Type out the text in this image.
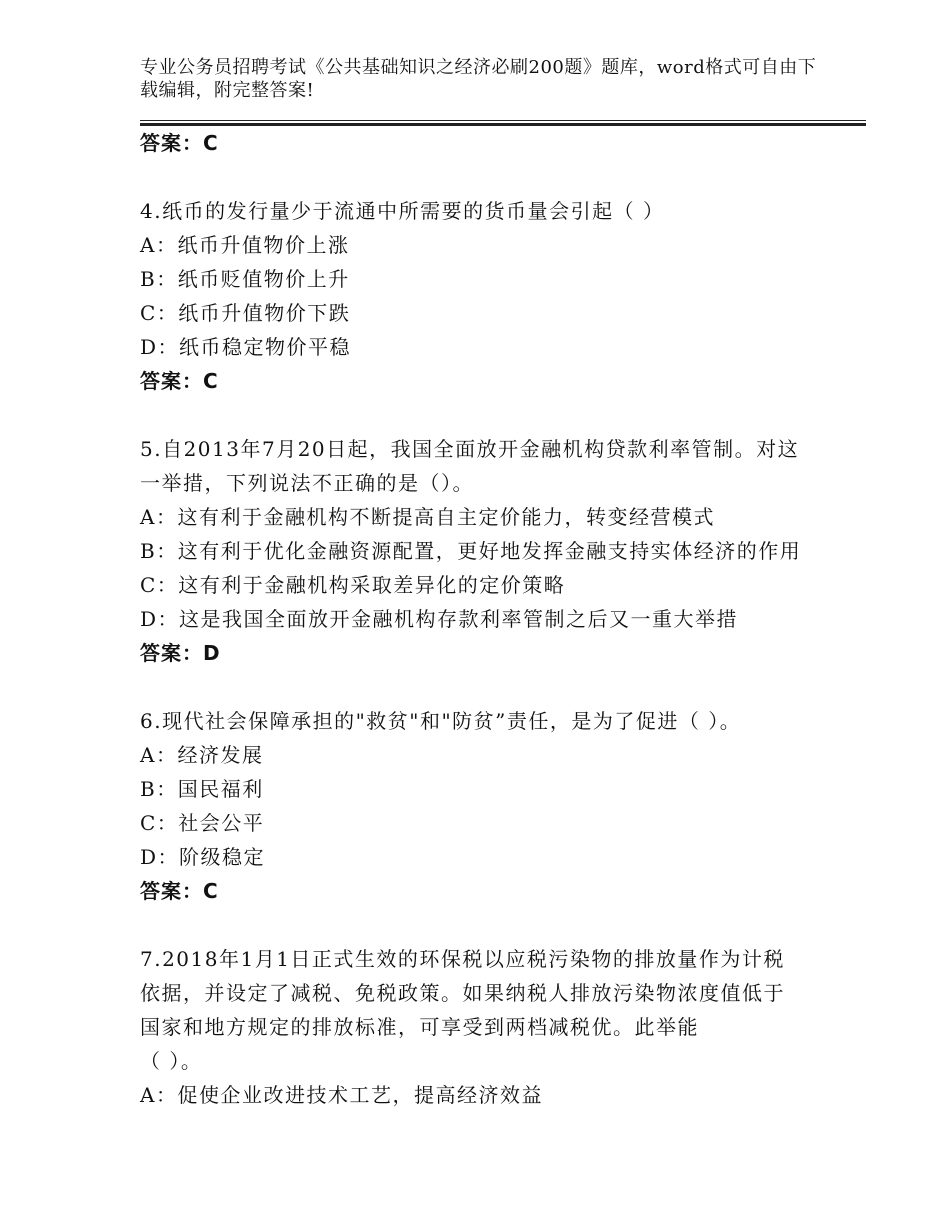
专业公务员招聘考试《公共基础知识之经济必刷200题》题库，word格式可自由下载编辑，附完整答案!
答案：C
4.纸币的发行量少于流通中所需要的货币量会引起（ ）
A：纸币升值物价上涨
B：纸币贬值物价上升
C：纸币升值物价下跌
D：纸币稳定物价平稳
答案：C
5.自2013年7月20日起，我国全面放开金融机构贷款利率管制。对这
一举措，下列说法不正确的是（）。
A：这有利于金融机构不断提高自主定价能力，转变经营模式
B：这有利于优化金融资源配置，更好地发挥金融支持实体经济的作用
C：这有利于金融机构采取差异化的定价策略
D：这是我国全面放开金融机构存款利率管制之后又一重大举措
答案：D
6.现代社会保障承担的"救贫"和"防贫”责任，是为了促进（ ）。
A：经济发展
B：国民福利
C：社会公平
D：阶级稳定
答案：C
7.2018年1月1日正式生效的环保税以应税污染物的排放量作为计税
依据，并设定了减税、免税政策。如果纳税人排放污染物浓度值低于
国家和地方规定的排放标准，可享受到两档减税优。此举能
（ ）。
A：促使企业改进技术工艺，提高经济效益
